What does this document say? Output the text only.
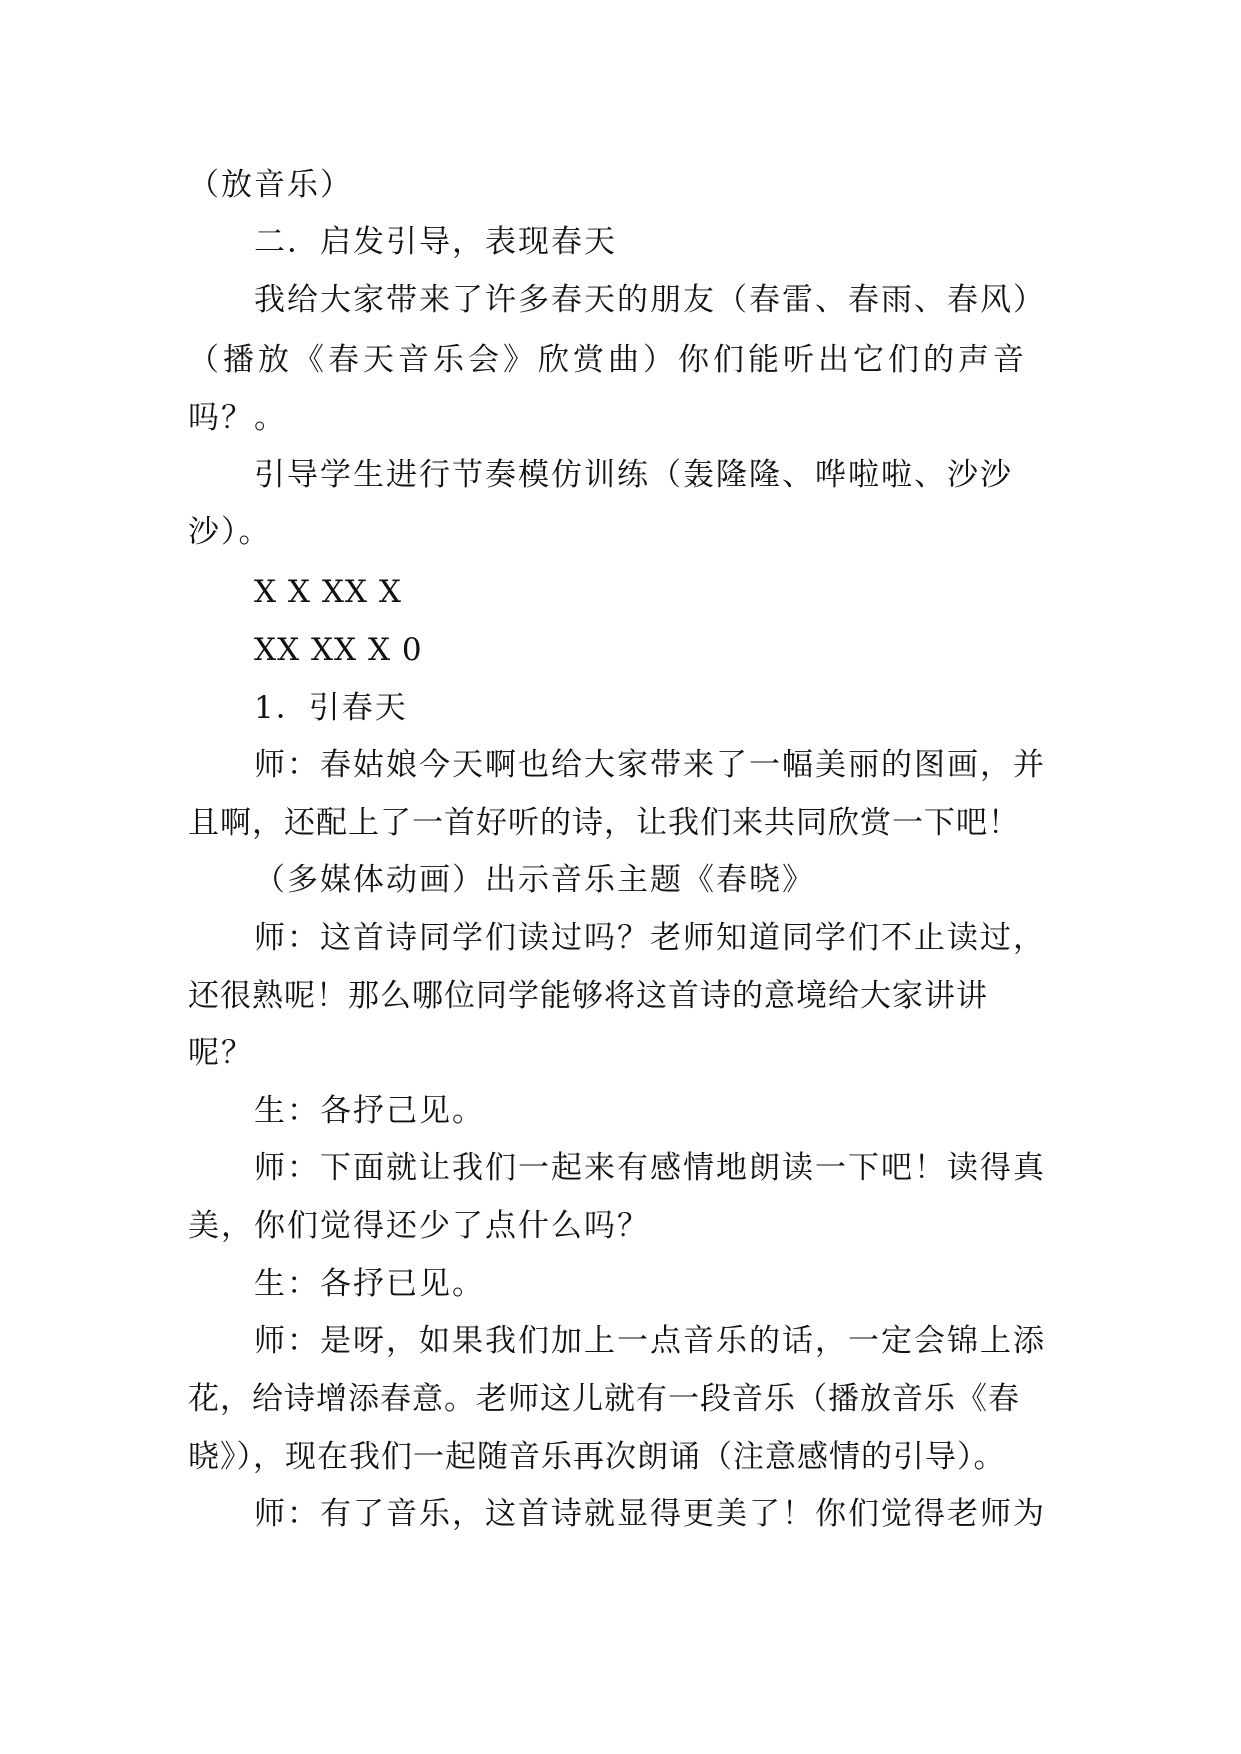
（放音乐）
二．启发引导，表现春天
我给大家带来了许多春天的朋友（春雷、春雨、春风）
（播放《春天音乐会》欣赏曲）你们能听出它们的声音
吗？。
引导学生进行节奏模仿训练（轰隆隆、哗啦啦、沙沙
沙）。
X X XX X
XX XX X 0
1．引春天
师：春姑娘今天啊也给大家带来了一幅美丽的图画，并
且啊，还配上了一首好听的诗，让我们来共同欣赏一下吧！
（多媒体动画）出示音乐主题《春晓》
师：这首诗同学们读过吗？老师知道同学们不止读过，
还很熟呢！那么哪位同学能够将这首诗的意境给大家讲讲
呢？
生：各抒己见。
师：下面就让我们一起来有感情地朗读一下吧！读得真
美，你们觉得还少了点什么吗？
生：各抒已见。
师：是呀，如果我们加上一点音乐的话，一定会锦上添
花，给诗增添春意。老师这儿就有一段音乐（播放音乐《春
晓》），现在我们一起随音乐再次朗诵（注意感情的引导）。
师：有了音乐，这首诗就显得更美了！你们觉得老师为
